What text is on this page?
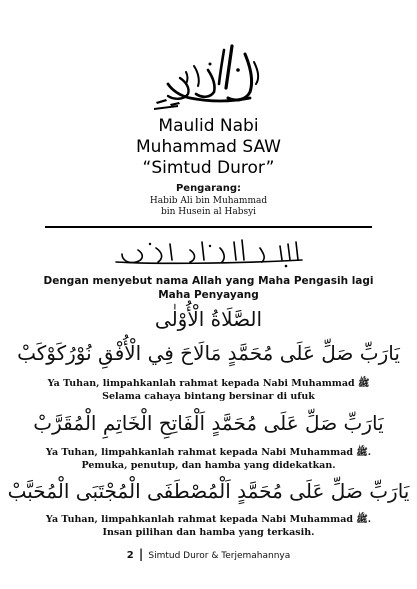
Maulid Nabi
Muhammad SAW
“Simtud Duror”
Pengarang:
Habib Ali bin Muhammad
bin Husein al Habsyi
Dengan menyebut nama Allah yang Maha Pengasih lagi Maha Penyayang
الصَّلَاةُ الْأُوْلٰى
يَارَبِّ صَلِّ عَلَى مُحَمَّدٍ مَالَاحَ فِي الْأُفْقِ نُوْرُكَوْكَبْ
Ya Tuhan, limpahkanlah rahmat kepada Nabi Muhammad ﷺ
Selama cahaya bintang bersinar di ufuk
يَارَبِّ صَلِّ عَلَى مُحَمَّدٍ اَلْفَاتِحِ الْخَاتِمِ الْمُقَرَّبْ
Ya Tuhan, limpahkanlah rahmat kepada Nabi Muhammad ﷺ.
Pemuka, penutup, dan hamba yang didekatkan.
يَارَبِّ صَلِّ عَلَى مُحَمَّدٍ اَلْمُصْطَفَى الْمُجْتَبَى الْمُحَبَّبْ
Ya Tuhan, limpahkanlah rahmat kepada Nabi Muhammad ﷺ.
Insan pilihan dan hamba yang terkasih.
2 | Simtud Duror & Terjemahannya
